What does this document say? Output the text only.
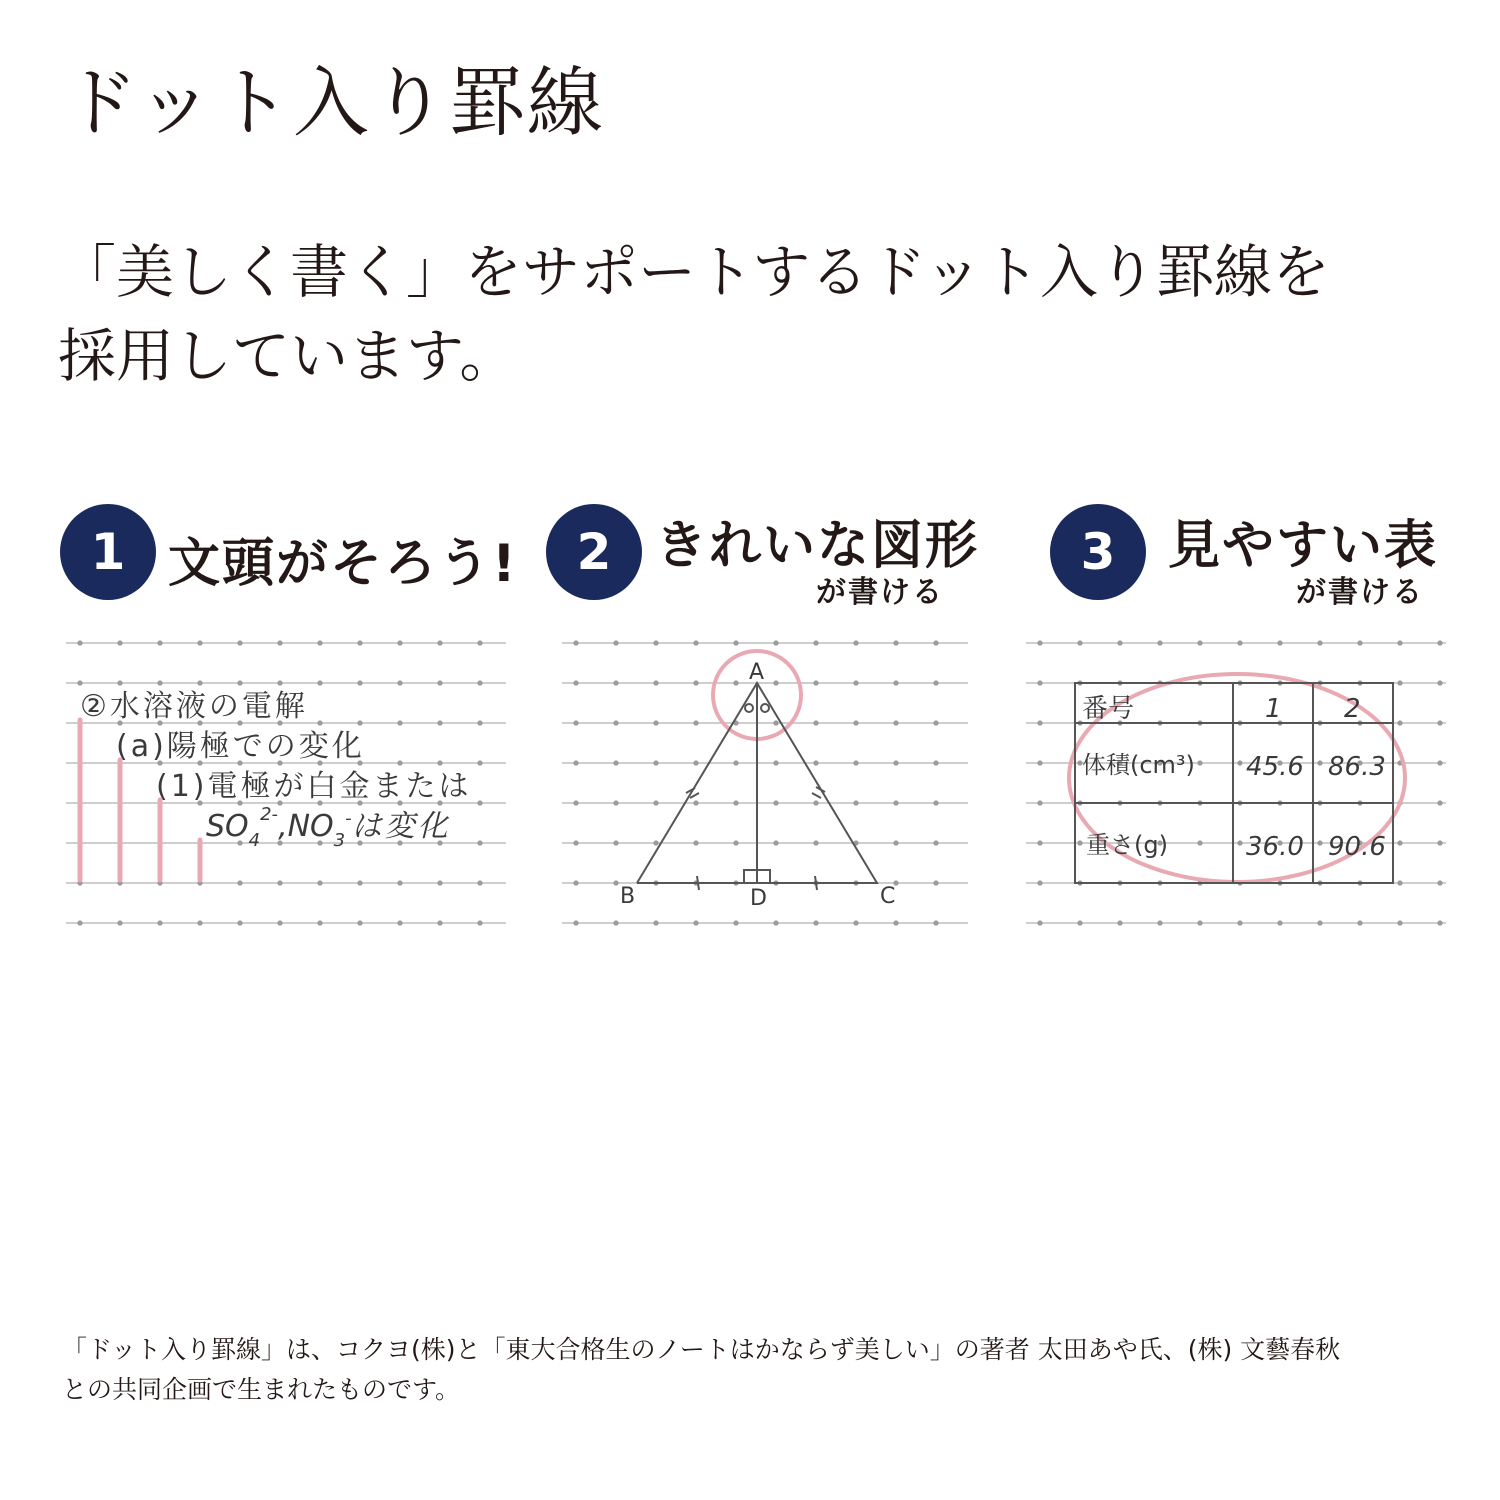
ドット入り罫線
「美しく書く」をサポートするドット入り罫線を
採用しています。
1 文頭がそろう!	2 きれいな図形
が書ける
3	見やすい表
が書ける
②水溶液の電解
(a)陽極での変化
(1)電極が白金または
$SO_4^{2-},NO_3^-$は変化
A
B	C
D
番号	1 2
体積(cm³) 45.6 86.3
重さ(g)	36.0 90.6
「ドット入り罫線」は、コクヨ(株)と「東大合格生のノートはかならず美しい」の著者 太田あや氏、(株) 文藝春秋
との共同企画で生まれたものです。
